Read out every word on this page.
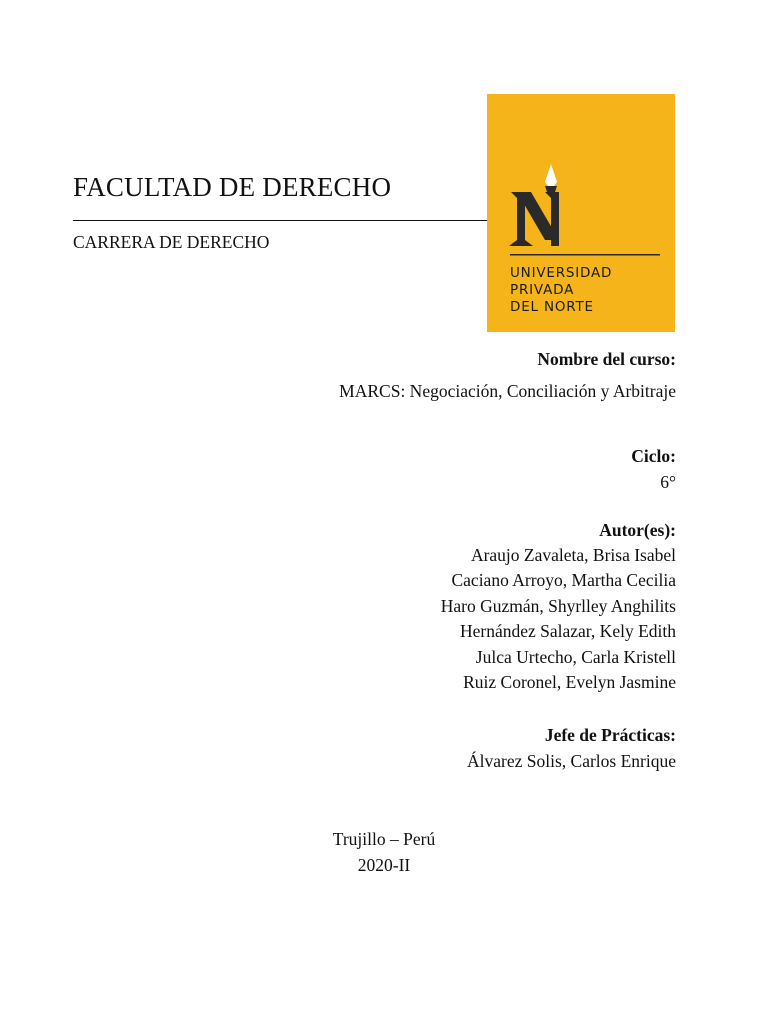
FACULTAD DE DERECHO
CARRERA DE DERECHO
UNIVERSIDAD
PRIVADA
DEL NORTE
Nombre del curso:
MARCS: Negociación, Conciliación y Arbitraje
Ciclo:
6°
Autor(es):
Araujo Zavaleta, Brisa Isabel
Caciano Arroyo, Martha Cecilia
Haro Guzmán, Shyrlley Anghilits
Hernández Salazar, Kely Edith
Julca Urtecho, Carla Kristell
Ruiz Coronel, Evelyn Jasmine
Jefe de Prácticas:
Álvarez Solis, Carlos Enrique
Trujillo – Perú
2020-II
